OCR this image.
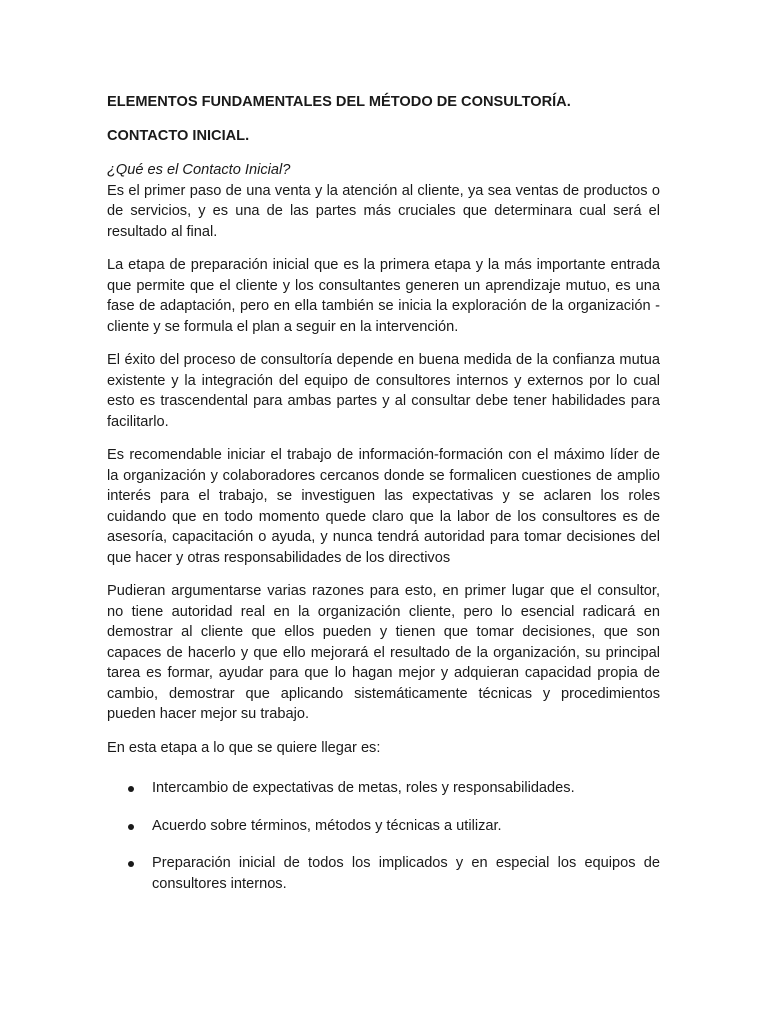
ELEMENTOS FUNDAMENTALES DEL MÉTODO DE CONSULTORÍA.
CONTACTO INICIAL.

¿Qué es el Contacto Inicial?

Es el primer paso de una venta y la atención al cliente, ya sea ventas de productos o de servicios, y es una de las partes más cruciales que determinara cual será el resultado al final.

La etapa de preparación inicial que es la primera etapa y la más importante entrada que permite que el cliente y los consultantes generen un aprendizaje mutuo, es una fase de adaptación, pero en ella también se inicia la exploración de la organización - cliente y se formula el plan a seguir en la intervención.

El éxito del proceso de consultoría depende en buena medida de la confianza mutua existente y la integración del equipo de consultores internos y externos por lo cual esto es trascendental para ambas partes y al consultar debe tener habilidades para facilitarlo.

Es recomendable iniciar el trabajo de información-formación con el máximo líder de la organización y colaboradores cercanos donde se formalicen cuestiones de amplio interés para el trabajo, se investiguen las expectativas y se aclaren los roles cuidando que en todo momento quede claro que la labor de los consultores es de asesoría, capacitación o ayuda, y nunca tendrá autoridad para tomar decisiones del que hacer y otras responsabilidades de los directivos

Pudieran argumentarse varias razones para esto, en primer lugar que el consultor, no tiene autoridad real en la organización cliente, pero lo esencial radicará en demostrar al cliente que ellos pueden y tienen que tomar decisiones, que son capaces de hacerlo y que ello mejorará el resultado de la organización, su principal tarea es formar, ayudar para que lo hagan mejor y adquieran capacidad propia de cambio, demostrar que aplicando sistemáticamente técnicas y procedimientos pueden hacer mejor su trabajo.

En esta etapa a lo que se quiere llegar es:

Intercambio de expectativas de metas, roles y responsabilidades.
Acuerdo sobre términos, métodos y técnicas a utilizar.
Preparación inicial de todos los implicados y en especial los equipos de consultores internos.
